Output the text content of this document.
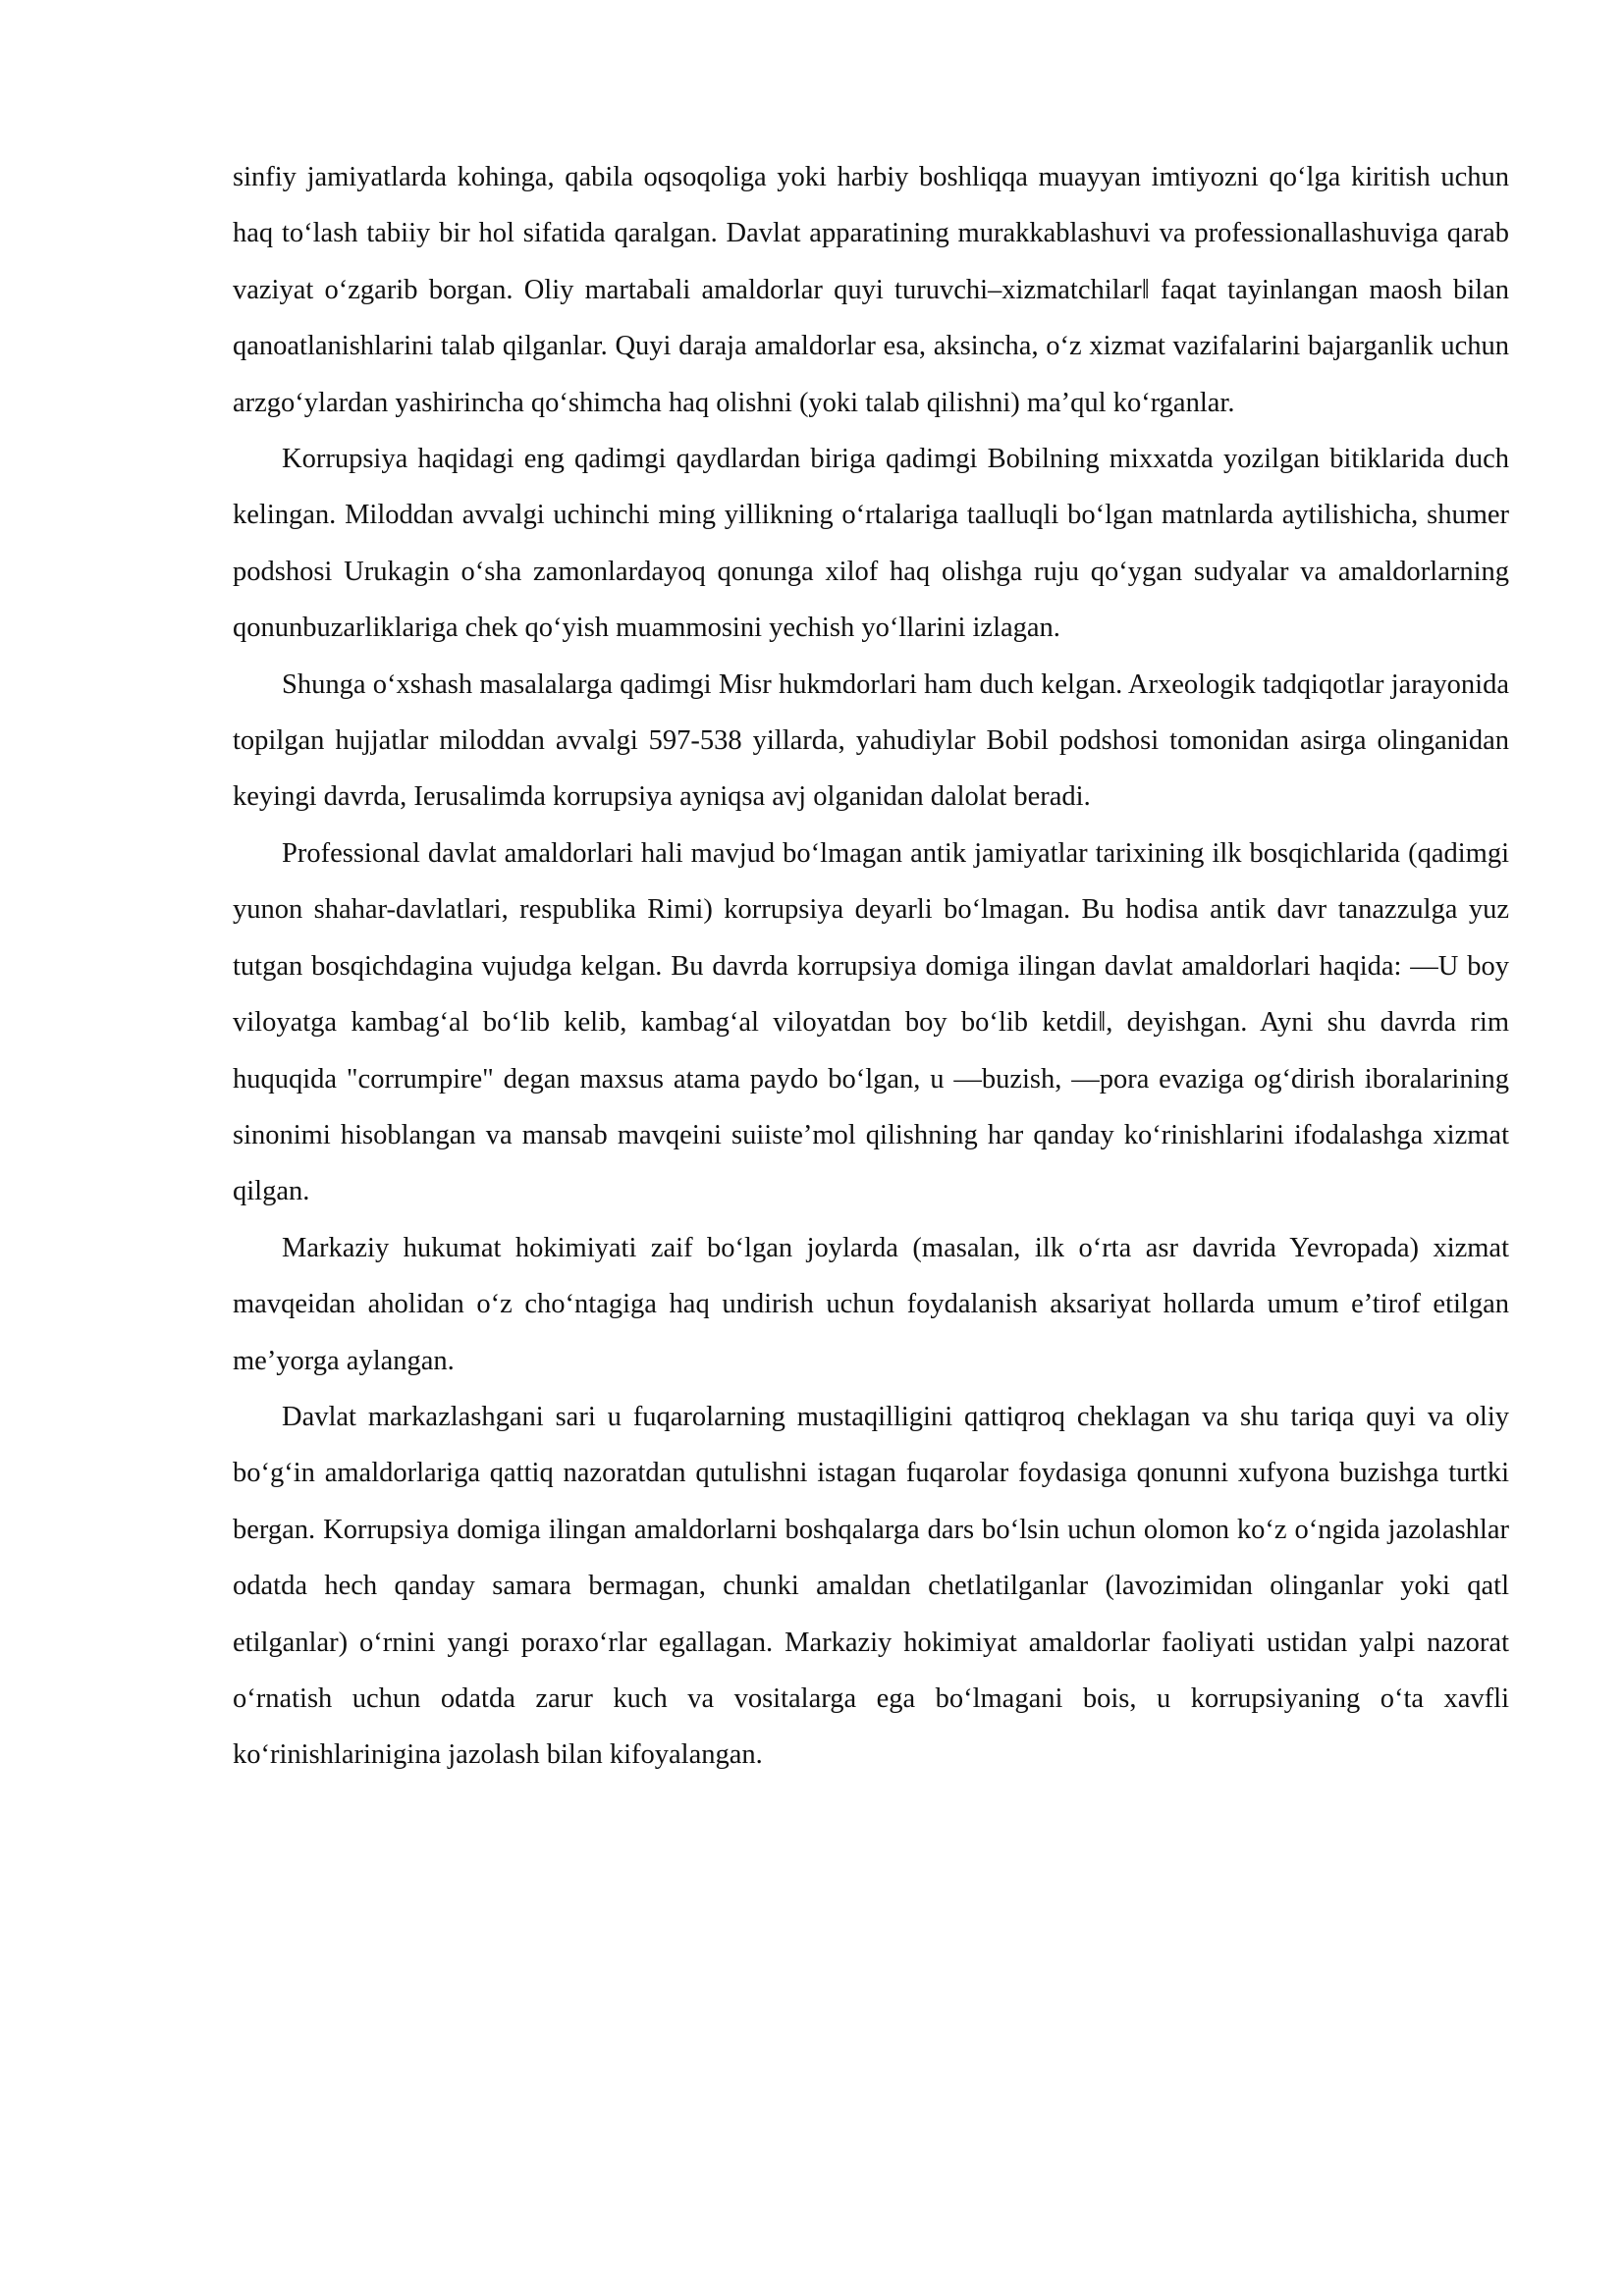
sinfiy jamiyatlarda kohinga, qabila oqsoqoliga yoki harbiy boshliqqa muayyan imtiyozni qo‘lga kiritish uchun haq to‘lash tabiiy bir hol sifatida qaralgan. Davlat apparatining murakkablashuvi va professionallashuviga qarab vaziyat o‘zgarib borgan. Oliy martabali amaldorlar quyi turuvchi–xizmatchilar‖ faqat tayinlangan maosh bilan qanoatlanishlarini talab qilganlar. Quyi daraja amaldorlar esa, aksincha, o‘z xizmat vazifalarini bajarganlik uchun arzgo‘ylardan yashirincha qo‘shimcha haq olishni (yoki talab qilishni) ma’qul ko‘rganlar.

Korrupsiya haqidagi eng qadimgi qaydlardan biriga qadimgi Bobilning mixxatda yozilgan bitiklarida duch kelingan. Miloddan avvalgi uchinchi ming yillikning o‘rtalariga taalluqli bo‘lgan matnlarda aytilishicha, shumer podshosi Urukagin o‘sha zamonlardayoq qonunga xilof haq olishga ruju qo‘ygan sudyalar va amaldorlarning qonunbuzarliklariga chek qo‘yish muammosini yechish yo‘llarini izlagan.

Shunga o‘xshash masalalarga qadimgi Misr hukmdorlari ham duch kelgan. Arxeologik tadqiqotlar jarayonida topilgan hujjatlar miloddan avvalgi 597-538 yillarda, yahudiylar Bobil podshosi tomonidan asirga olinganidan keyingi davrda, Ierusalimda korrupsiya ayniqsa avj olganidan dalolat beradi.

Professional davlat amaldorlari hali mavjud bo‘lmagan antik jamiyatlar tarixining ilk bosqichlarida (qadimgi yunon shahar-davlatlari, respublika Rimi) korrupsiya deyarli bo‘lmagan. Bu hodisa antik davr tanazzulga yuz tutgan bosqichdagina vujudga kelgan. Bu davrda korrupsiya domiga ilingan davlat amaldorlari haqida: ―U boy viloyatga kambag‘al bo‘lib kelib, kambag‘al viloyatdan boy bo‘lib ketdi‖, deyishgan. Ayni shu davrda rim huquqida "corrumpire" degan maxsus atama paydo bo‘lgan, u ―buzish, ―pora evaziga og‘dirish iboralarining sinonimi hisoblangan va mansab mavqeini suiiste’mol qilishning har qanday ko‘rinishlarini ifodalashga xizmat qilgan.

Markaziy hukumat hokimiyati zaif bo‘lgan joylarda (masalan, ilk o‘rta asr davrida Yevropada) xizmat mavqeidan aholidan o‘z cho‘ntagiga haq undirish uchun foydalanish aksariyat hollarda umum e’tirof etilgan me’yorga aylangan.

Davlat markazlashgani sari u fuqarolarning mustaqilligini qattiqroq cheklagan va shu tariqa quyi va oliy bo‘g‘in amaldorlariga qattiq nazoratdan qutulishni istagan fuqarolar foydasiga qonunni xufyona buzishga turtki bergan. Korrupsiya domiga ilingan amaldorlarni boshqalarga dars bo‘lsin uchun olomon ko‘z o‘ngida jazolashlar odatda hech qanday samara bermagan, chunki amaldan chetlatilganlar (lavozimidan olinganlar yoki qatl etilganlar) o‘rnini yangi poraxo‘rlar egallagan. Markaziy hokimiyat amaldorlar faoliyati ustidan yalpi nazorat o‘rnatish uchun odatda zarur kuch va vositalarga ega bo‘lmagani bois, u korrupsiyaning o‘ta xavfli ko‘rinishlarinigina jazolash bilan kifoyalangan.
